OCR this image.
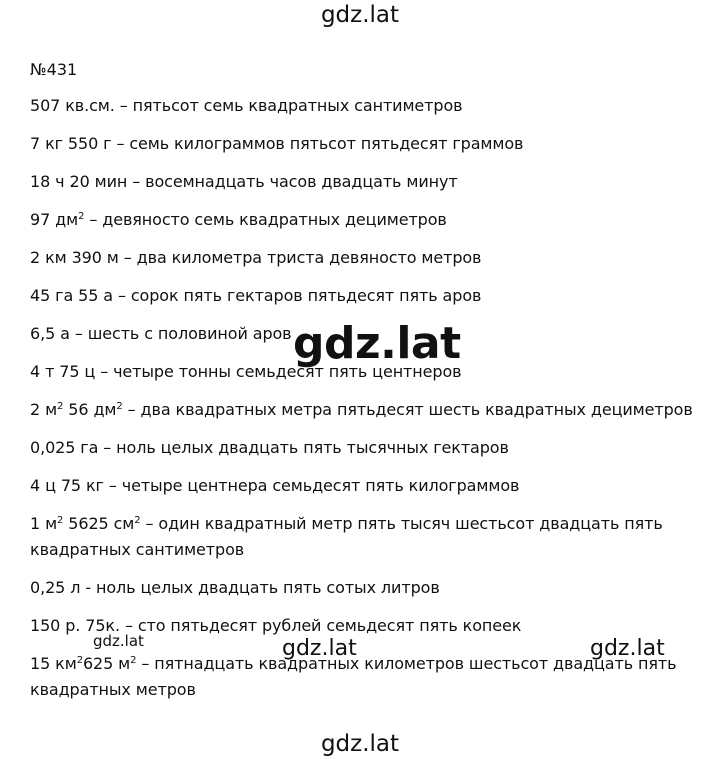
gdz.lat
№431
507 кв.см. – пятьсот семь квадратных сантиметров
7 кг 550 г – семь килограммов пятьсот пятьдесят граммов
18 ч 20 мин – восемнадцать часов двадцать минут
97 $дм^2$ – девяносто семь квадратных дециметров
2 км 390 м – два километра триста девяносто метров
45 га 55 а – сорок пять гектаров пятьдесят пять аров
6,5 а – шесть с половиной аров
4 т 75 ц – четыре тонны семьдесят пять центнеров
2 $м^2$ 56 $дм^2$ – два квадратных метра пятьдесят шесть квадратных дециметров
0,025 га – ноль целых двадцать пять тысячных гектаров
4 ц 75 кг – четыре центнера семьдесят пять килограммов
1 $м^2$ 5625 $см^2$ – один квадратный метр пять тысяч шестьсот двадцать пять
квадратных сантиметров
0,25 л - ноль целых двадцать пять сотых литров
150 р. 75к. – сто пятьдесят рублей семьдесят пять копеек
15 $км^2625$ $м^2$ – пятнадцать квадратных километров шестьсот двадцать пять
квадратных метров
gdz.lat
gdz.lat	gdz.lat	gdz.lat
gdz.lat
